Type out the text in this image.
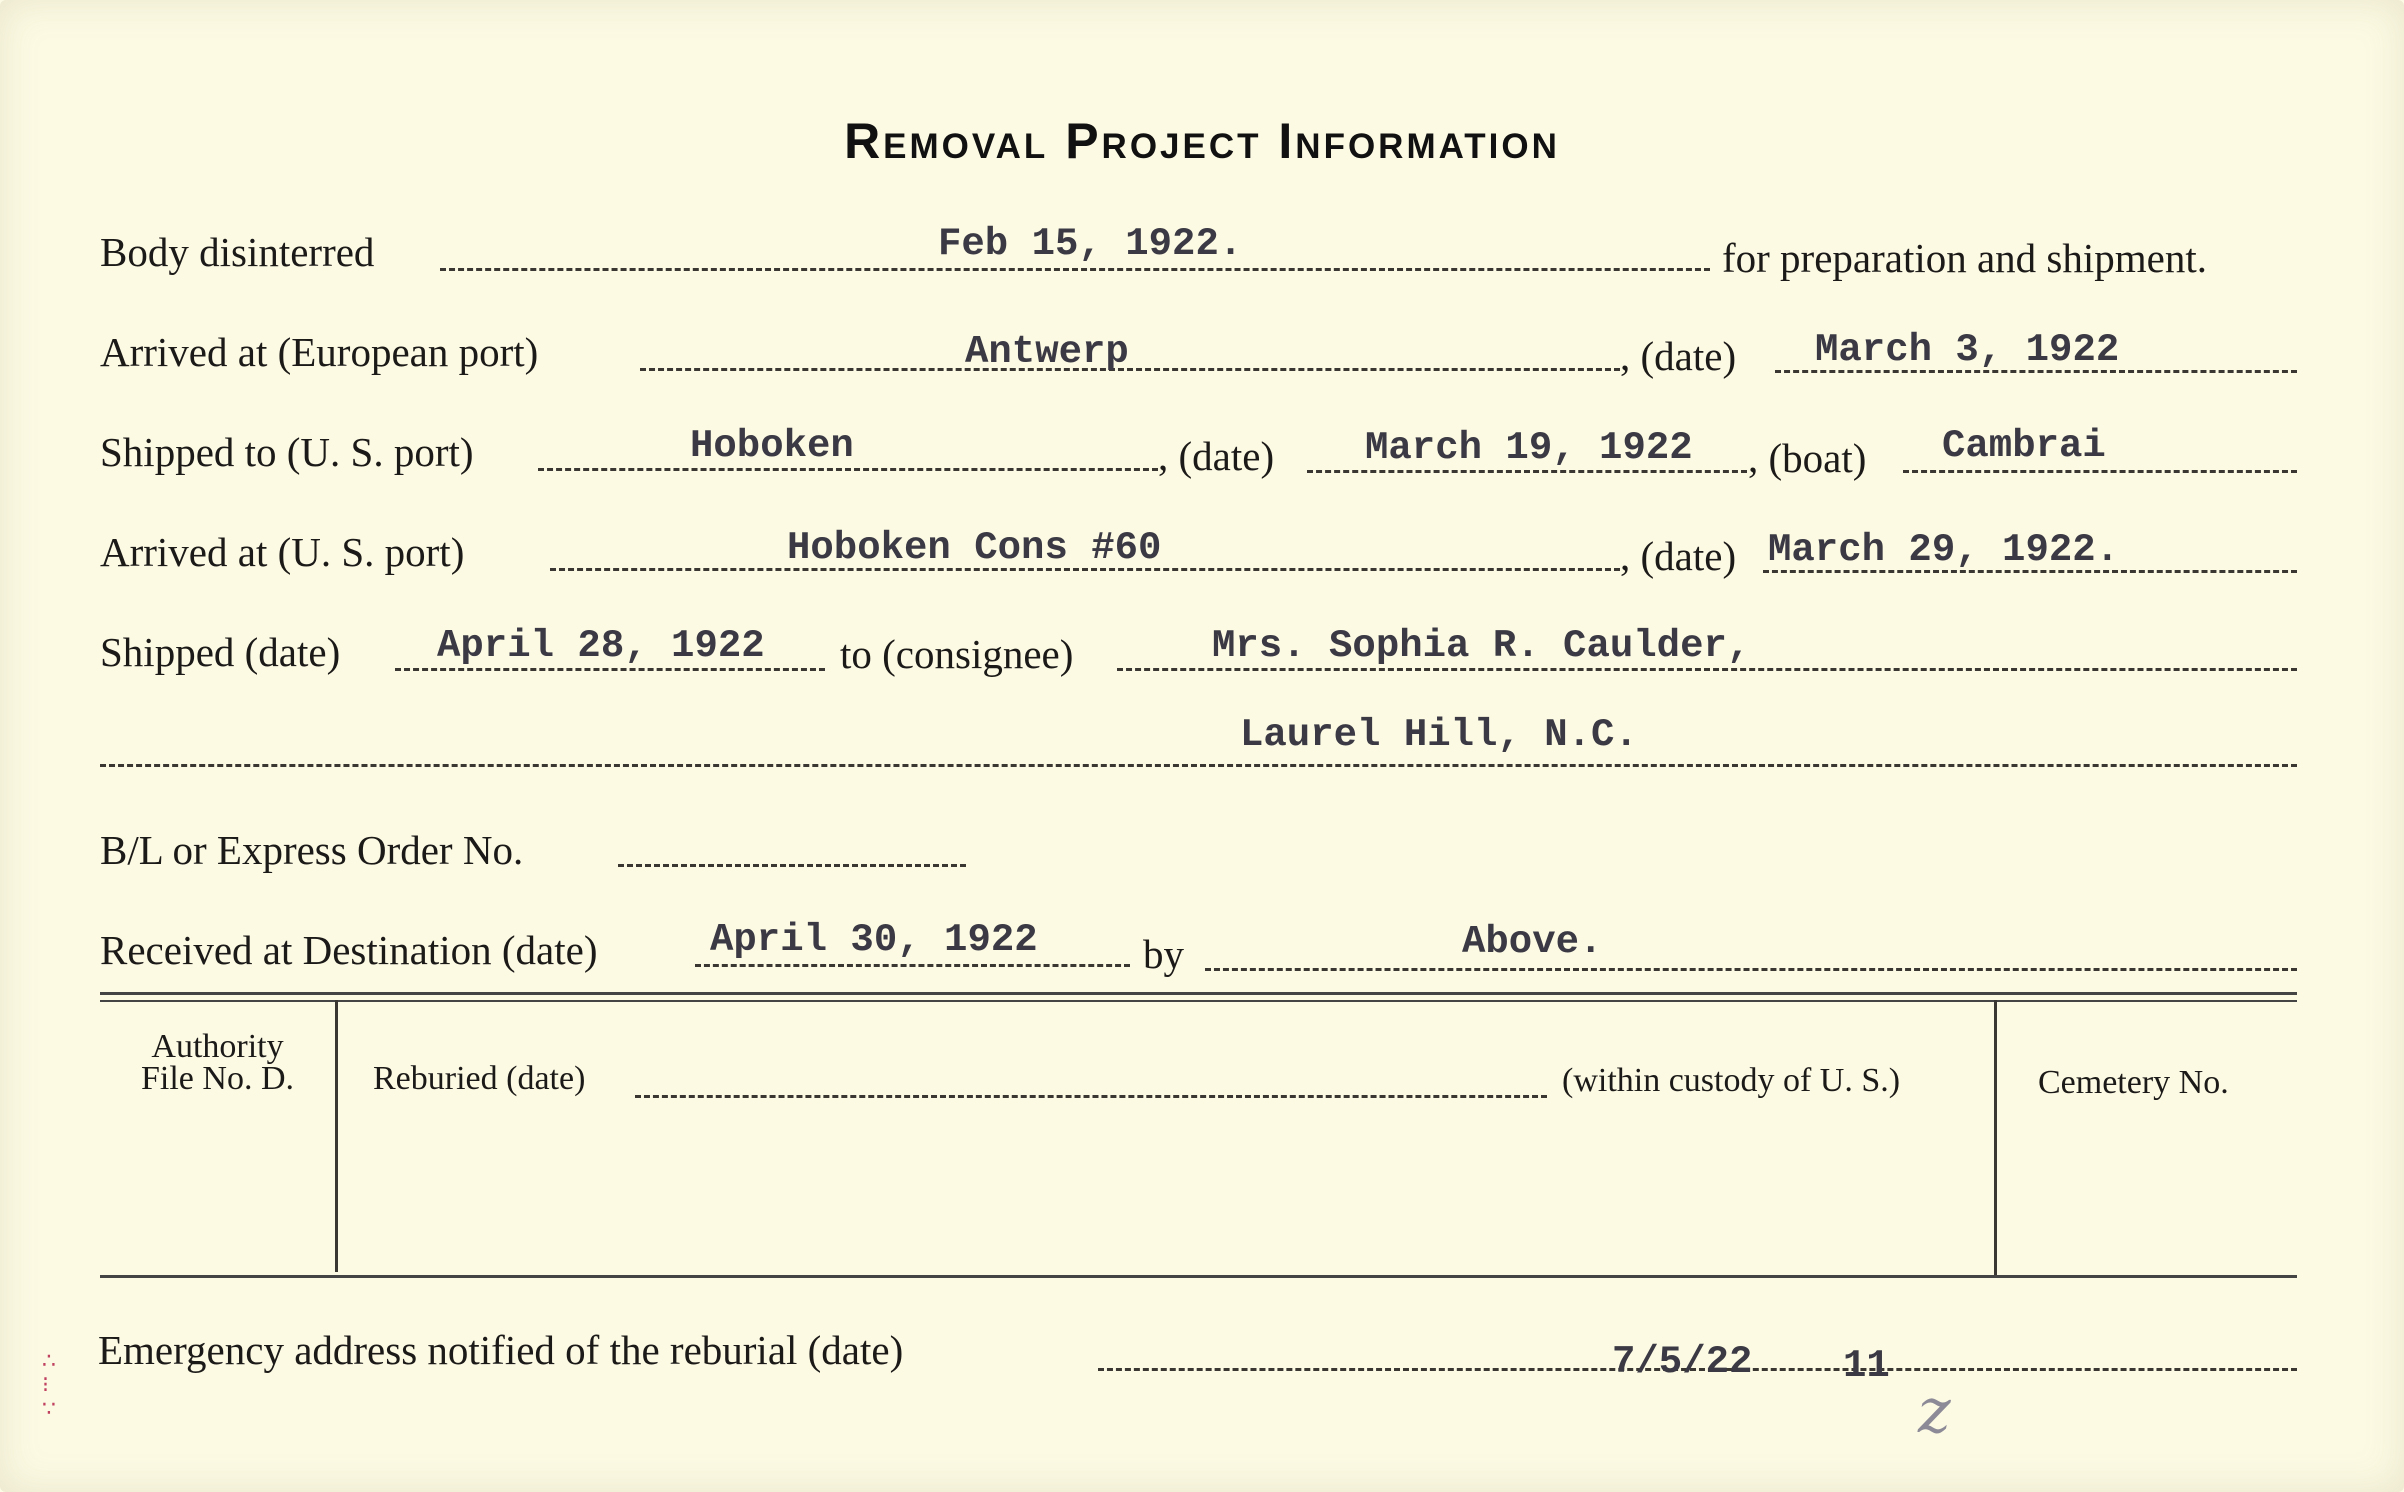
Removal Project Information
Body disinterred	Feb 15, 1922.	for preparation and shipment.
Arrived at (European port)	Antwerp	, (date) March 3, 1922
Shipped to (U. S. port)	Hoboken	, (date) March 19, 1922 , (boat) Cambrai
Arrived at (U. S. port)	Hoboken Cons #60	, (date) March 29, 1922.
Shipped (date) April 28, 1922 to (consignee)	Mrs. Sophia R. Caulder,
Laurel Hill, N.C.
B/L or Express Order No.
Received at Destination (date)	April 30, 1922	by	Above.
Authority
File No. D.	Reburied (date)	(within custody of U. S.)	Cemetery No.
Emergency address notified of the reburial (date)	7/5/22 11
z
∴
⁝
∵
